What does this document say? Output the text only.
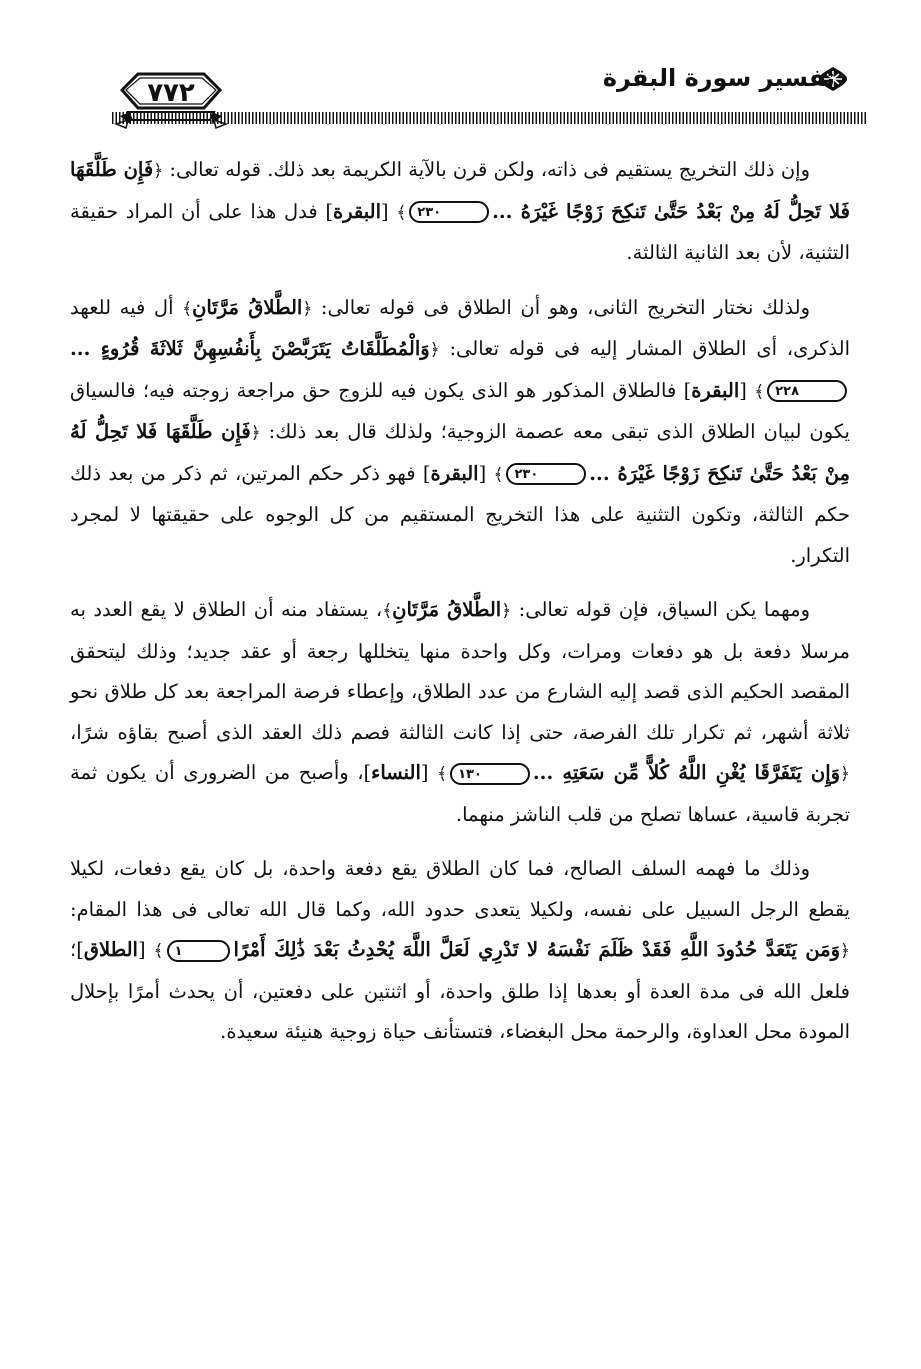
٧٧٢	تفسير سورة البقرة

وإن ذلك التخريج يستقيم فى ذاته، ولكن قرن بالآية الكريمة بعد ذلك. قوله تعالى: ﴿فَإِن طَلَّقَهَا فَلا تَحِلُّ لَهُ مِنْ بَعْدُ حَتَّىٰ تَنكِحَ زَوْجًا غَيْرَهُ ...٢٣٠﴾ [البقرة] فدل هذا على أن المراد حقيقة التثنية، لأن بعد الثانية الثالثة.

ولذلك نختار التخريج الثانى، وهو أن الطلاق فى قوله تعالى: ﴿الطَّلاقُ مَرَّتَانِ﴾ أل فيه للعهد الذكرى، أى الطلاق المشار إليه فى قوله تعالى: ﴿وَالْمُطَلَّقَاتُ يَتَرَبَّصْنَ بِأَنفُسِهِنَّ ثَلاثَةَ قُرُوءٍ ...٢٢٨﴾ [البقرة] فالطلاق المذكور هو الذى يكون فيه للزوج حق مراجعة زوجته فيه؛ فالسياق يكون لبيان الطلاق الذى تبقى معه عصمة الزوجية؛ ولذلك قال بعد ذلك: ﴿فَإِن طَلَّقَهَا فَلا تَحِلُّ لَهُ مِنْ بَعْدُ حَتَّىٰ تَنكِحَ زَوْجًا غَيْرَهُ ...٢٣٠﴾ [البقرة] فهو ذكر حكم المرتين، ثم ذكر من بعد ذلك حكم الثالثة، وتكون التثنية على هذا التخريج المستقيم من كل الوجوه على حقيقتها لا لمجرد التكرار.

ومهما يكن السياق، فإن قوله تعالى: ﴿الطَّلاقُ مَرَّتَانِ﴾، يستفاد منه أن الطلاق لا يقع العدد به مرسلا دفعة بل هو دفعات ومرات، وكل واحدة منها يتخللها رجعة أو عقد جديد؛ وذلك ليتحقق المقصد الحكيم الذى قصد إليه الشارع من عدد الطلاق، وإعطاء فرصة المراجعة بعد كل طلاق نحو ثلاثة أشهر، ثم تكرار تلك الفرصة، حتى إذا كانت الثالثة فصم ذلك العقد الذى أصبح بقاؤه شرًا، ﴿وَإِن يَتَفَرَّقَا يُغْنِ اللَّهُ كُلاًّ مِّن سَعَتِهِ ...١٣٠﴾ [النساء]، وأصبح من الضرورى أن يكون ثمة تجربة قاسية، عساها تصلح من قلب الناشز منهما.

وذلك ما فهمه السلف الصالح، فما كان الطلاق يقع دفعة واحدة، بل كان يقع دفعات، لكيلا يقطع الرجل السبيل على نفسه، ولكيلا يتعدى حدود الله، وكما قال الله تعالى فى هذا المقام: ﴿وَمَن يَتَعَدَّ حُدُودَ اللَّهِ فَقَدْ ظَلَمَ نَفْسَهُ لا تَدْرِي لَعَلَّ اللَّهَ يُحْدِثُ بَعْدَ ذَٰلِكَ أَمْرًا١﴾ [الطلاق]؛ فلعل الله فى مدة العدة أو بعدها إذا طلق واحدة، أو اثنتين على دفعتين، أن يحدث أمرًا بإحلال المودة محل العداوة، والرحمة محل البغضاء، فتستأنف حياة زوجية هنيئة سعيدة.
